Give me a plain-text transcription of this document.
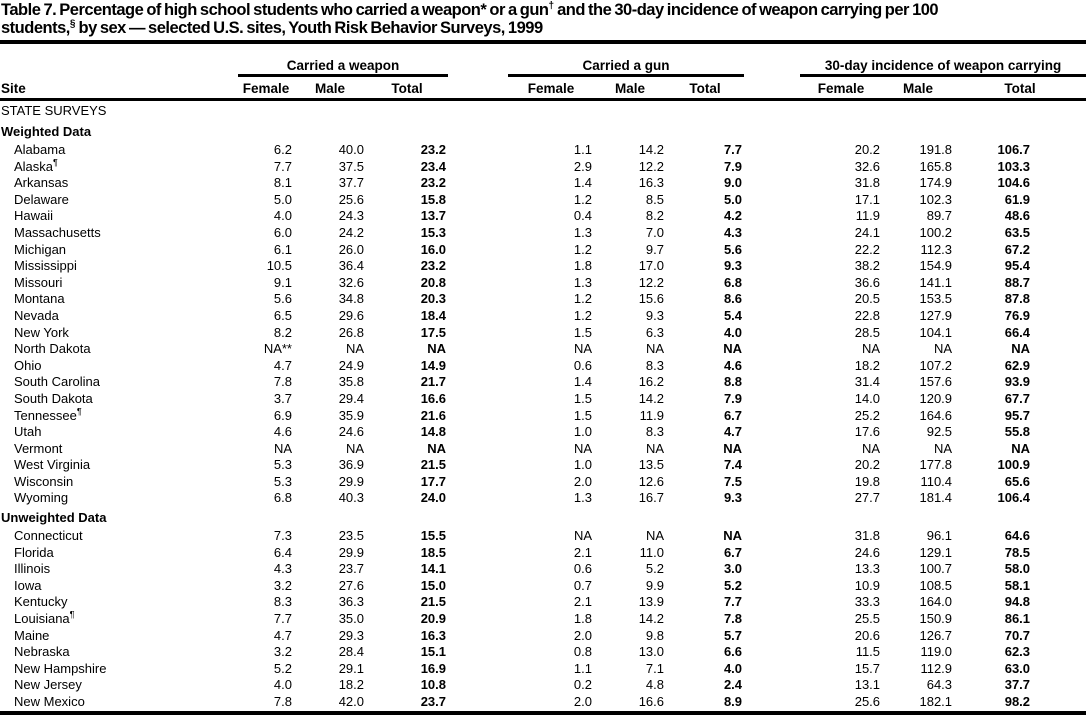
Table 7. Percentage of high school students who carried a weapon* or a gun† and the 30-day incidence of weapon carrying per 100
students,§ by sex — selected U.S. sites, Youth Risk Behavior Surveys, 1999
	Carried a weapon				Carried a gun				30-day incidence of weapon carrying			
Site	Female	Male	Total		Female	Male	Total		Female	Male	Total	
STATE SURVEYS												
Weighted Data												
Alabama	6.2	40.0	23.2		1.1	14.2	7.7		20.2	191.8	106.7	
Alaska¶	7.7	37.5	23.4		2.9	12.2	7.9		32.6	165.8	103.3	
Arkansas	8.1	37.7	23.2		1.4	16.3	9.0		31.8	174.9	104.6	
Delaware	5.0	25.6	15.8		1.2	8.5	5.0		17.1	102.3	61.9	
Hawaii	4.0	24.3	13.7		0.4	8.2	4.2		11.9	89.7	48.6	
Massachusetts	6.0	24.2	15.3		1.3	7.0	4.3		24.1	100.2	63.5	
Michigan	6.1	26.0	16.0		1.2	9.7	5.6		22.2	112.3	67.2	
Mississippi	10.5	36.4	23.2		1.8	17.0	9.3		38.2	154.9	95.4	
Missouri	9.1	32.6	20.8		1.3	12.2	6.8		36.6	141.1	88.7	
Montana	5.6	34.8	20.3		1.2	15.6	8.6		20.5	153.5	87.8	
Nevada	6.5	29.6	18.4		1.2	9.3	5.4		22.8	127.9	76.9	
New York	8.2	26.8	17.5		1.5	6.3	4.0		28.5	104.1	66.4	
North Dakota	NA**	NA	NA		NA	NA	NA		NA	NA	NA	
Ohio	4.7	24.9	14.9		0.6	8.3	4.6		18.2	107.2	62.9	
South Carolina	7.8	35.8	21.7		1.4	16.2	8.8		31.4	157.6	93.9	
South Dakota	3.7	29.4	16.6		1.5	14.2	7.9		14.0	120.9	67.7	
Tennessee¶	6.9	35.9	21.6		1.5	11.9	6.7		25.2	164.6	95.7	
Utah	4.6	24.6	14.8		1.0	8.3	4.7		17.6	92.5	55.8	
Vermont	NA	NA	NA		NA	NA	NA		NA	NA	NA	
West Virginia	5.3	36.9	21.5		1.0	13.5	7.4		20.2	177.8	100.9	
Wisconsin	5.3	29.9	17.7		2.0	12.6	7.5		19.8	110.4	65.6	
Wyoming	6.8	40.3	24.0		1.3	16.7	9.3		27.7	181.4	106.4	
Unweighted Data												
Connecticut	7.3	23.5	15.5		NA	NA	NA		31.8	96.1	64.6	
Florida	6.4	29.9	18.5		2.1	11.0	6.7		24.6	129.1	78.5	
Illinois	4.3	23.7	14.1		0.6	5.2	3.0		13.3	100.7	58.0	
Iowa	3.2	27.6	15.0		0.7	9.9	5.2		10.9	108.5	58.1	
Kentucky	8.3	36.3	21.5		2.1	13.9	7.7		33.3	164.0	94.8	
Louisiana¶	7.7	35.0	20.9		1.8	14.2	7.8		25.5	150.9	86.1	
Maine	4.7	29.3	16.3		2.0	9.8	5.7		20.6	126.7	70.7	
Nebraska	3.2	28.4	15.1		0.8	13.0	6.6		11.5	119.0	62.3	
New Hampshire	5.2	29.1	16.9		1.1	7.1	4.0		15.7	112.9	63.0	
New Jersey	4.0	18.2	10.8		0.2	4.8	2.4		13.1	64.3	37.7	
New Mexico	7.8	42.0	23.7		2.0	16.6	8.9		25.6	182.1	98.2	
